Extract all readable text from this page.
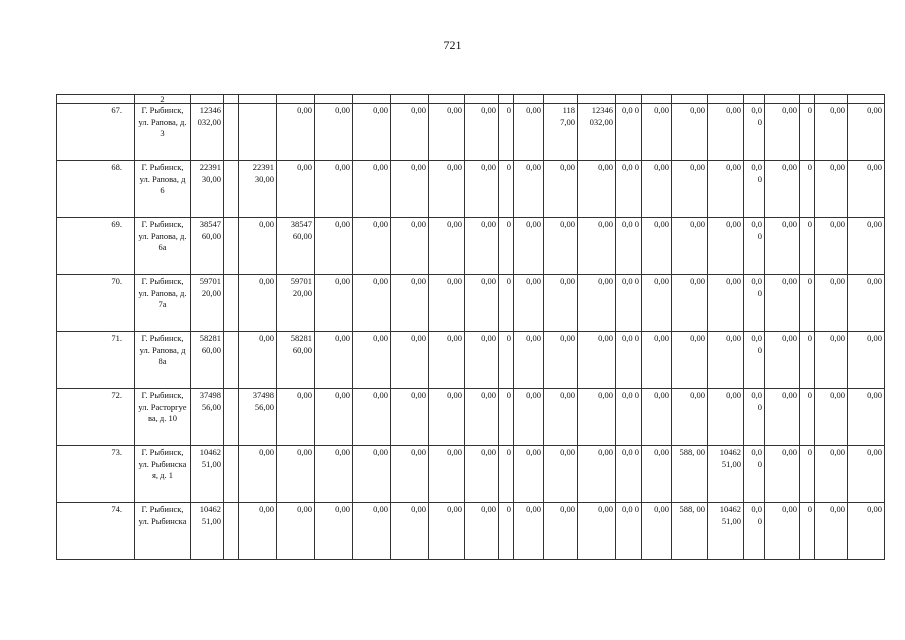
721
	2																						
67.	Г. Рыбинск, ул. Рапова, д. 3	12346 032,00			0,00	0,00	0,00	0,00	0,00	0,00	0	0,00	118 7,00	12346 032,00	0,0 0	0,00	0,00	0,00	0,0 0	0,00	0	0,00	0,00
68.	Г. Рыбинск, ул. Рапова, д 6	22391 30,00		22391 30,00	0,00	0,00	0,00	0,00	0,00	0,00	0	0,00	0,00	0,00	0,0 0	0,00	0,00	0,00	0,0 0	0,00	0	0,00	0,00
69.	Г. Рыбинск, ул. Рапова, д. 6а	38547 60,00		0,00	38547 60,00	0,00	0,00	0,00	0,00	0,00	0	0,00	0,00	0,00	0,0 0	0,00	0,00	0,00	0,0 0	0,00	0	0,00	0,00
70.	Г. Рыбинск, ул. Рапова, д. 7а	59701 20,00		0,00	59701 20,00	0,00	0,00	0,00	0,00	0,00	0	0,00	0,00	0,00	0,0 0	0,00	0,00	0,00	0,0 0	0,00	0	0,00	0,00
71.	Г. Рыбинск, ул. Рапова, д 8а	58281 60,00		0,00	58281 60,00	0,00	0,00	0,00	0,00	0,00	0	0,00	0,00	0,00	0,0 0	0,00	0,00	0,00	0,0 0	0,00	0	0,00	0,00
72.	Г. Рыбинск, ул. Расторгуе ва, д. 10	37498 56,00		37498 56,00	0,00	0,00	0,00	0,00	0,00	0,00	0	0,00	0,00	0,00	0,0 0	0,00	0,00	0,00	0,0 0	0,00	0	0,00	0,00
73.	Г. Рыбинск, ул. Рыбинска я, д. 1	10462 51,00		0,00	0,00	0,00	0,00	0,00	0,00	0,00	0	0,00	0,00	0,00	0,0 0	0,00	588, 00	10462 51,00	0,0 0	0,00	0	0,00	0,00
74.	Г. Рыбинск, ул. Рыбинска	10462 51,00		0,00	0,00	0,00	0,00	0,00	0,00	0,00	0	0,00	0,00	0,00	0,0 0	0,00	588, 00	10462 51,00	0,0 0	0,00	0	0,00	0,00
